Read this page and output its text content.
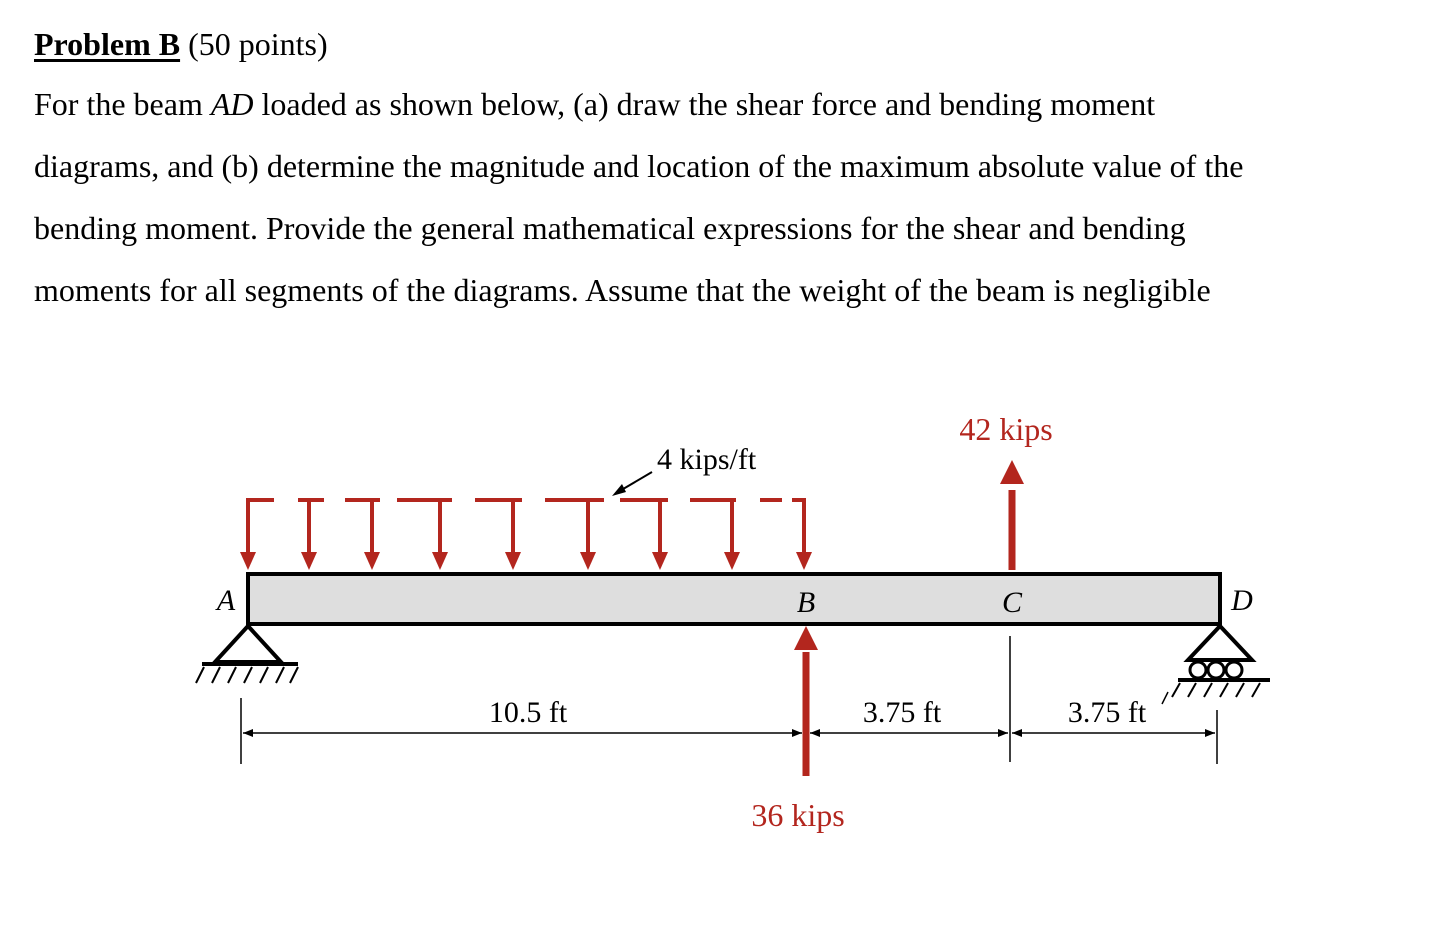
Problem B (50 points)
For the beam AD loaded as shown below, (a) draw the shear force and bending moment
diagrams, and (b) determine the magnitude and location of the maximum absolute value of the
bending moment. Provide the general mathematical expressions for the shear and bending
moments for all segments of the diagrams. Assume that the weight of the beam is negligible
4 kips/ft
42 kips
A	B	C	D
36 kips
10.5 ft	3.75 ft	3.75 ft
